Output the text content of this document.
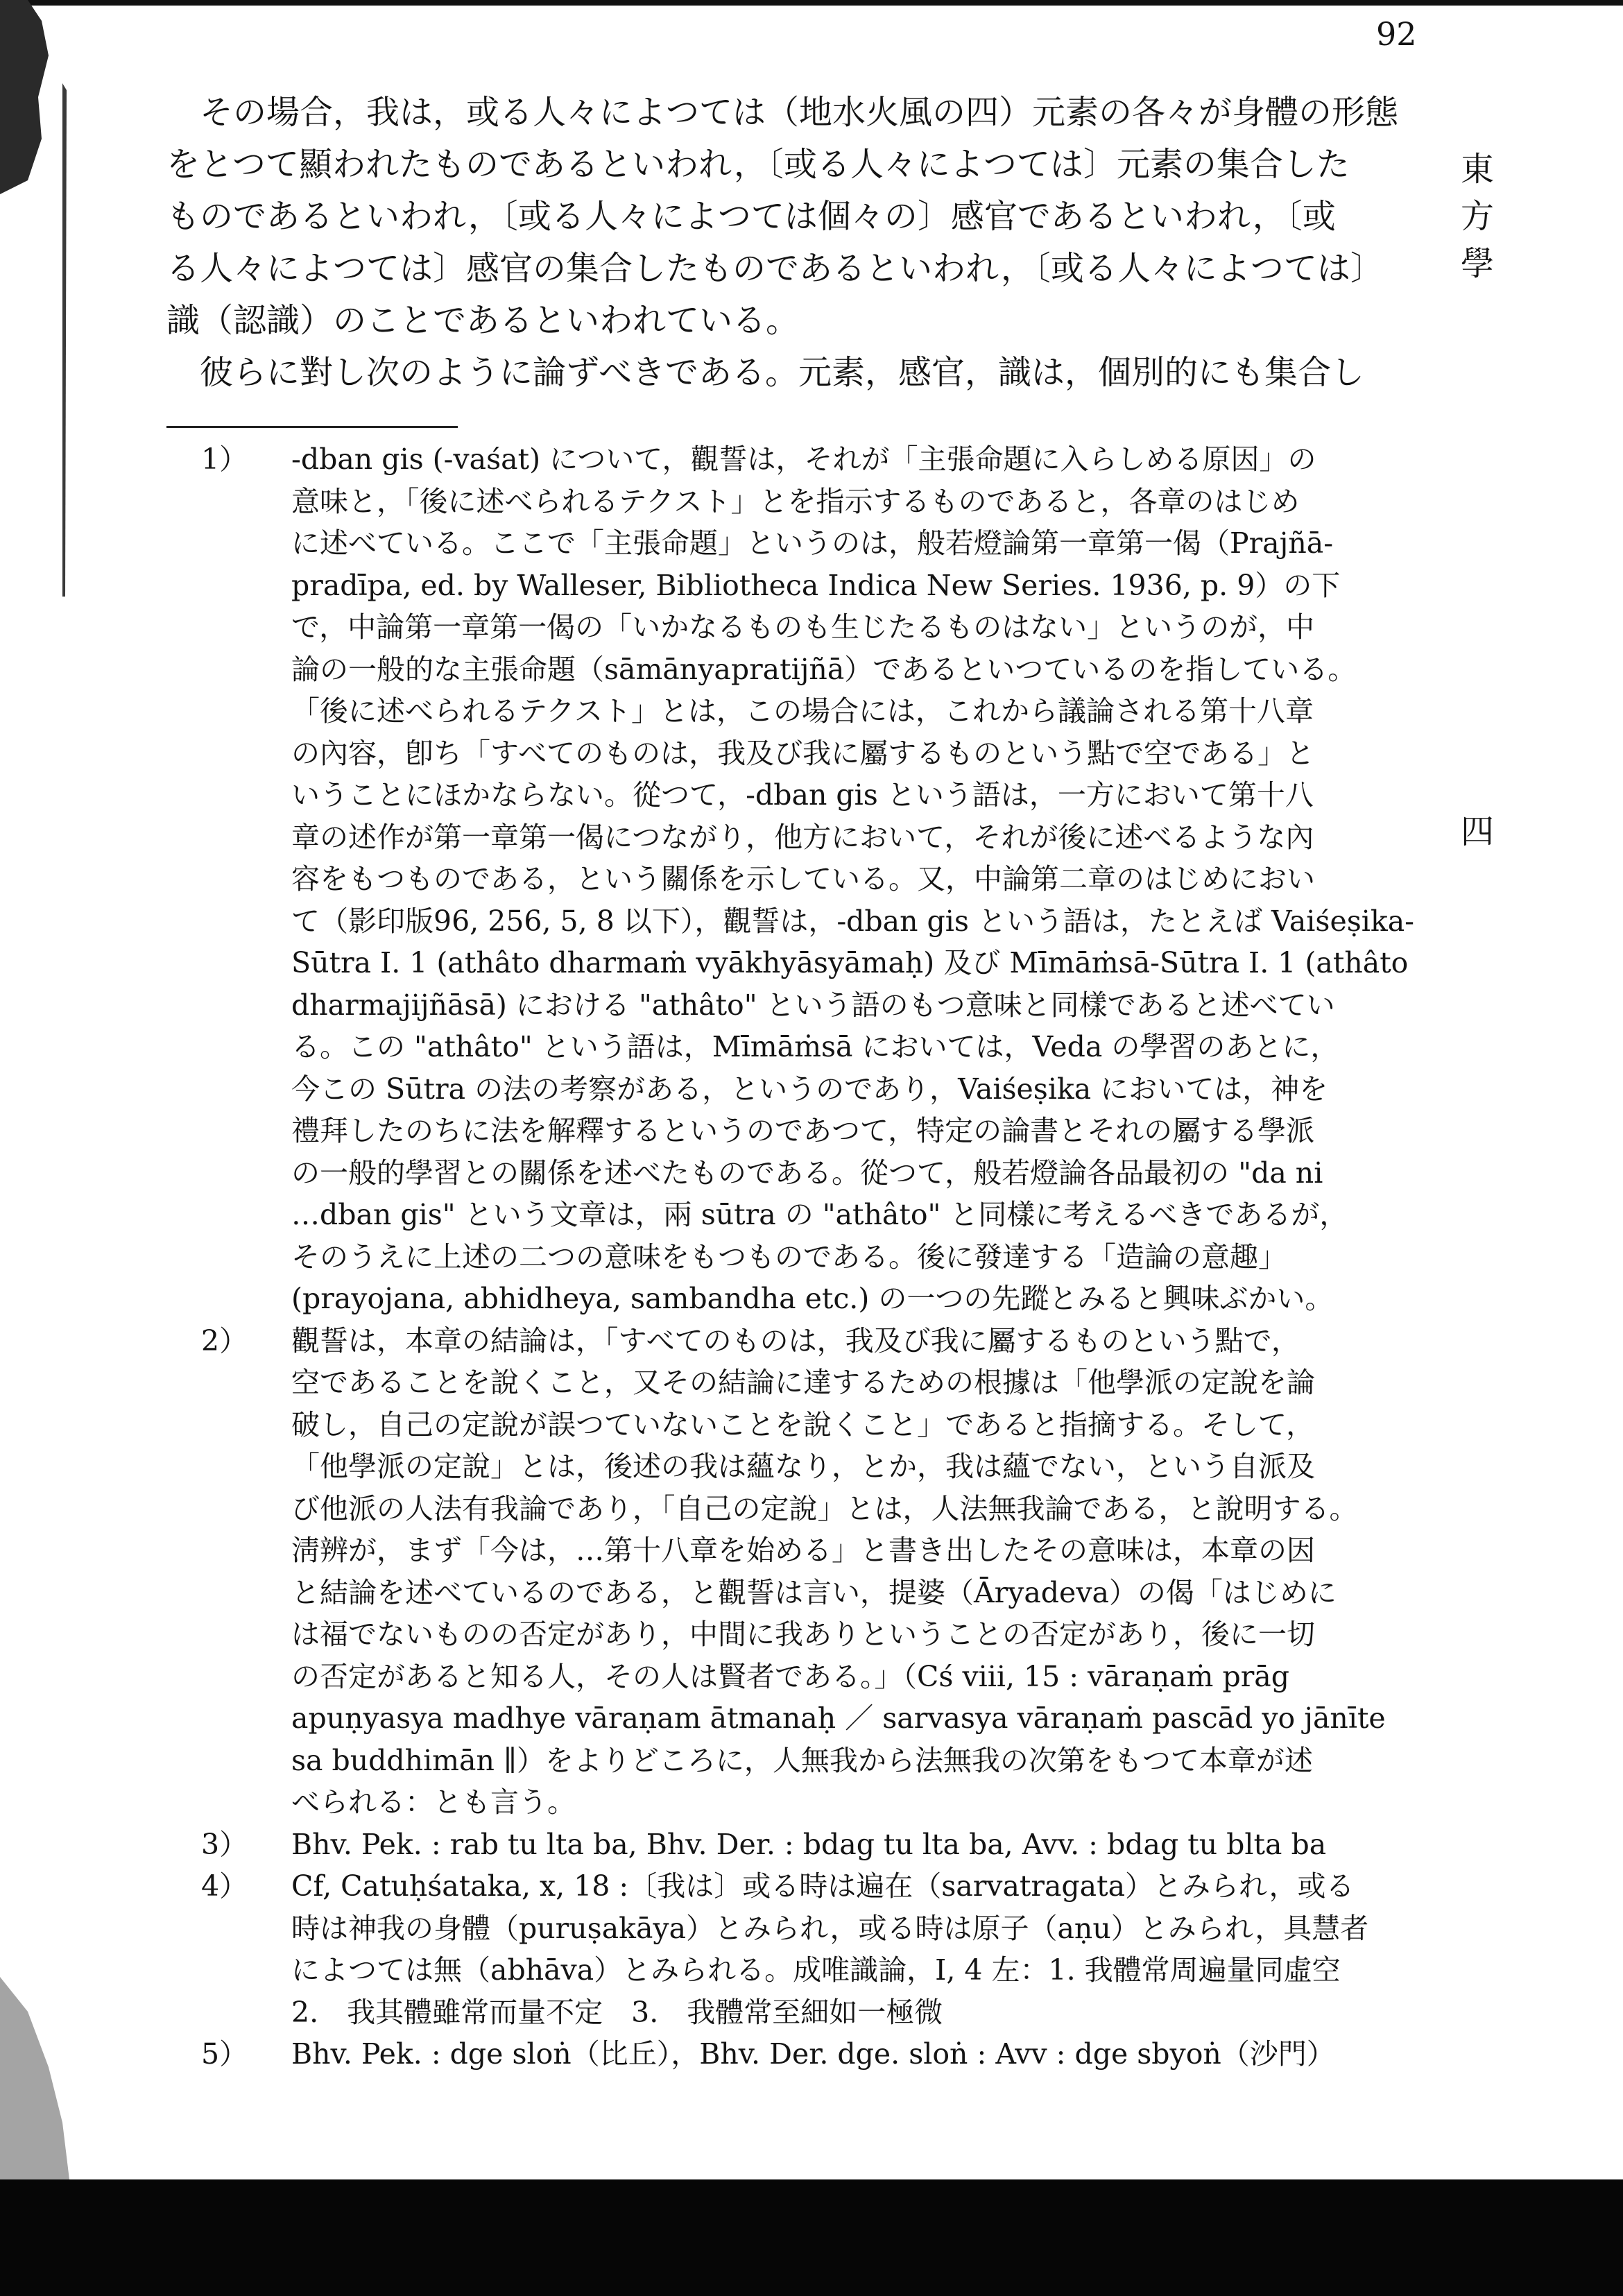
92
その場合，我は，或る人々によつては（地水火風の四）元素の各々が身體の形態
をとつて顯われたものであるといわれ，〔或る人々によつては〕元素の集合した
ものであるといわれ，〔或る人々によつては個々の〕感官であるといわれ，〔或
る人々によつては〕感官の集合したものであるといわれ，〔或る人々によつては〕
識（認識）のことであるといわれている。
彼らに對し次のように論ずべきである。元素，感官，識は，個別的にも集合し
1）	-dban gis (-vaśat) について，觀誓は，それが「主張命題に入らしめる原因」の
意味と，「後に述べられるテクスト」とを指示するものであると，各章のはじめ
に述べている。ここで「主張命題」というのは，般若燈論第一章第一偈（Prajñā-
pradīpa, ed. by Walleser, Bibliotheca Indica New Series. 1936, p. 9）の下
で，中論第一章第一偈の「いかなるものも生じたるものはない」というのが，中
論の一般的な主張命題（sāmānyapratijñā）であるといつているのを指している。
「後に述べられるテクスト」とは，この場合には，これから議論される第十八章
の內容，卽ち「すべてのものは，我及び我に屬するものという點で空である」と
いうことにほかならない。從つて，-dban gis という語は，一方において第十八
章の述作が第一章第一偈につながり，他方において，それが後に述べるような內
容をもつものである，という關係を示している。又，中論第二章のはじめにおい
て（影印版96, 256, 5, 8 以下），觀誓は，-dban gis という語は，たとえば Vaiśeṣika-
Sūtra I. 1 (athâto dharmaṁ vyākhyāsyāmaḥ) 及び Mīmāṁsā-Sūtra I. 1 (athâto
dharmajijñāsā) における "athâto" という語のもつ意味と同樣であると述べてい
る。この "athâto" という語は，Mīmāṁsā においては，Veda の學習のあとに，
今この Sūtra の法の考察がある，というのであり，Vaiśeṣika においては，神を
禮拜したのちに法を解釋するというのであつて，特定の論書とそれの屬する學派
の一般的學習との關係を述べたものである。從つて，般若燈論各品最初の "da ni
…dban gis" という文章は，兩 sūtra の "athâto" と同樣に考えるべきであるが，
そのうえに上述の二つの意味をもつものである。後に發達する「造論の意趣」
(prayojana, abhidheya, sambandha etc.) の一つの先蹤とみると興味ぶかい。
2）	觀誓は，本章の結論は，「すべてのものは，我及び我に屬するものという點で，
空であることを說くこと，又その結論に達するための根據は「他學派の定說を論
破し，自己の定說が誤つていないことを說くこと」であると指摘する。そして，
「他學派の定說」とは，後述の我は蘊なり，とか，我は蘊でない，という自派及
び他派の人法有我論であり，「自己の定說」とは，人法無我論である，と說明する。
淸辨が，まず「今は，…第十八章を始める」と書き出したその意味は，本章の因
と結論を述べているのである，と觀誓は言い，提婆（Āryadeva）の偈「はじめに
は福でないものの否定があり，中間に我ありということの否定があり，後に一切
の否定があると知る人，その人は賢者である。」（Cś viii, 15 : vāraṇaṁ prāg
apuṇyasya madhye vāraṇam ātmanaḥ ／ sarvasya vāraṇaṁ pascād yo jānīte
sa buddhimān ∥）をよりどころに，人無我から法無我の次第をもつて本章が述
べられる：とも言う。
3）	Bhv. Pek. : rab tu lta ba, Bhv. Der. : bdag tu lta ba, Avv. : bdag tu blta ba
4）	Cf, Catuḥśataka, x, 18 :〔我は〕或る時は遍在（sarvatragata）とみられ，或る
時は神我の身體（puruṣakāya）とみられ，或る時は原子（aṇu）とみられ，具慧者
によつては無（abhāva）とみられる。成唯識論，I, 4 左：1. 我體常周遍量同虛空
2.　我其體雖常而量不定　3.　我體常至細如一極微
5）	Bhv. Pek. : dge sloṅ（比丘），Bhv. Der. dge. sloṅ : Avv : dge sbyoṅ（沙門）
東
方
學
四
